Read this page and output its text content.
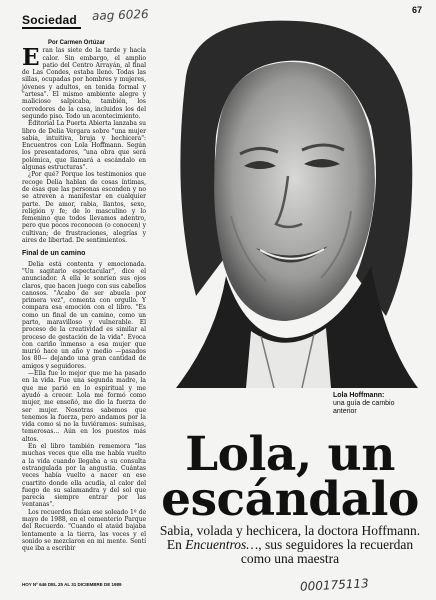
Sociedad aag 6026	67

Por Carmen Ortúzar

Eran las siete de la tarde y hacía calor. Sin embargo, el amplio patio del Centro Arrayán, al final de Las Condes, estaba lleno. Todas las sillas, ocupadas por hombres y mujeres, jóvenes y adultos, en tenida formal y "artesa". El mismo ambiente alegre y malicioso salpicaba, también, los corredores de la casa, incluidos los del segundo piso. Todo un acontecimiento.

Editorial La Puerta Abierta lanzaba su libro de Delia Vergara sobre "una mujer sabia, intuitiva, bruja y hechicera": Encuentros con Lola Hoffmann. Según los presentadores, "una obra que será polémica, que llamará a escándalo en algunas estructuras".

¿Por qué? Porque los testimonios que recoge Delia hablan de cosas íntimas, de ésas que las personas esconden y no se atreven a manifestar en cualquier parte. De amor, rabia, llantos, sexo, religión y fe; de lo masculino y lo femenino que todos llevamos adentro, pero que pocos reconocen (o conocen) y cultivan; de frustraciones, alegrías y aires de libertad. De sentimientos.

Final de un camino

Delia está contenta y emocionada. "Un sagitario espectacular", dice el anunciador. A ella le sonríen sus ojos claros, que hacen juego con sus cabellos canosos. "Acabo de ser abuela por primera vez", comenta con orgullo. Y compara esa emoción con el libro. "Es como un final de un camino, como un parto, maravilloso y vulnerable. El proceso de la creatividad es similar al proceso de gestación de la vida". Evoca con cariño inmenso a esa mujer que murió hace un año y medio —pasados los 80— dejando una gran cantidad de amigos y seguidores.

—Ella fue lo mejor que me ha pasado en la vida. Fue una segunda madre, la que me parió en lo espiritual y me ayudó a crecer. Lola me formó como mujer, me enseñó, me dio la fuerza de ser mujer. Nosotras sabemos que tenemos la fuerza, pero andamos por la vida como si no la tuviéramos: sumisas, temerosas... Aún en los puestos más altos.

En el libro también rememora "las muchas veces que ella me había vuelto a la vida cuando llegaba a su consulta estrangulada por la angustia. Cuántas veces había vuelto a nacer en ese cuartito donde ella acudía, al calor del fuego de su salamandra y del sol que parecía siempre entrar por las ventanas".

Los recuerdos fluían ese soleado 1º de mayo de 1988, en el cementerio Parque del Recuerdo. "Cuando el ataúd bajaba lentamente a la tierra, las voces y el sonido se mezclaron en mi mente. Sentí que iba a escribir

Lola Hoffmann:
una guía de cambio anterior
Lola, un
escándalo
Sabia, volada y hechicera, la doctora Hoffmann. En Encuentros…, sus seguidores la recuerdan como una maestra
HOY Nº 646 DEL 25 AL 31 DICIEMBRE DE 1989	000175113
